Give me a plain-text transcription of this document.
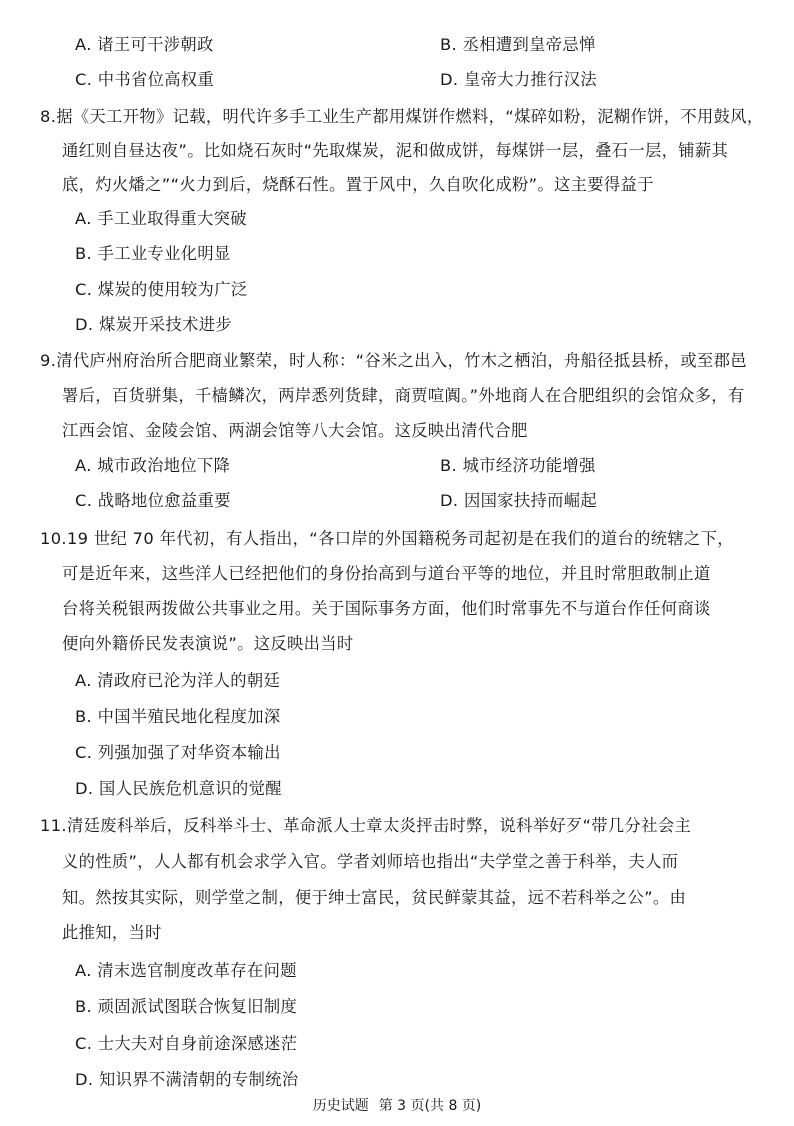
A. 诸王可干涉朝政	B. 丞相遭到皇帝忌惮
C. 中书省位高权重	D. 皇帝大力推行汉法
8.据《天工开物》记载，明代许多手工业生产都用煤饼作燃料，“煤碎如粉，泥糊作饼，不用鼓风，
通红则自昼达夜”。比如烧石灰时“先取煤炭，泥和做成饼，每煤饼一层，叠石一层，铺薪其
底，灼火燔之”“火力到后，烧酥石性。置于风中，久自吹化成粉”。这主要得益于
A. 手工业取得重大突破
B. 手工业专业化明显
C. 煤炭的使用较为广泛
D. 煤炭开采技术进步
9.清代庐州府治所合肥商业繁荣，时人称：“谷米之出入，竹木之栖泊，舟船径抵县桥，或至郡邑
署后，百货骈集，千樯鳞次，两岸悉列货肆，商贾喧阗。”外地商人在合肥组织的会馆众多，有
江西会馆、金陵会馆、两湖会馆等八大会馆。这反映出清代合肥
A. 城市政治地位下降	B. 城市经济功能增强
C. 战略地位愈益重要	D. 因国家扶持而崛起
10.19 世纪 70 年代初，有人指出，“各口岸的外国籍税务司起初是在我们的道台的统辖之下，
可是近年来，这些洋人已经把他们的身份抬高到与道台平等的地位，并且时常胆敢制止道
台将关税银两拨做公共事业之用。关于国际事务方面，他们时常事先不与道台作任何商谈
便向外籍侨民发表演说”。这反映出当时
A. 清政府已沦为洋人的朝廷
B. 中国半殖民地化程度加深
C. 列强加强了对华资本输出
D. 国人民族危机意识的觉醒
11.清廷废科举后，反科举斗士、革命派人士章太炎抨击时弊，说科举好歹“带几分社会主
义的性质”，人人都有机会求学入官。学者刘师培也指出“夫学堂之善于科举，夫人而
知。然按其实际，则学堂之制，便于绅士富民，贫民鲜蒙其益，远不若科举之公”。由
此推知，当时
A. 清末选官制度改革存在问题
B. 顽固派试图联合恢复旧制度
C. 士大夫对自身前途深感迷茫
D. 知识界不满清朝的专制统治
历史试题 第 3 页(共 8 页)
